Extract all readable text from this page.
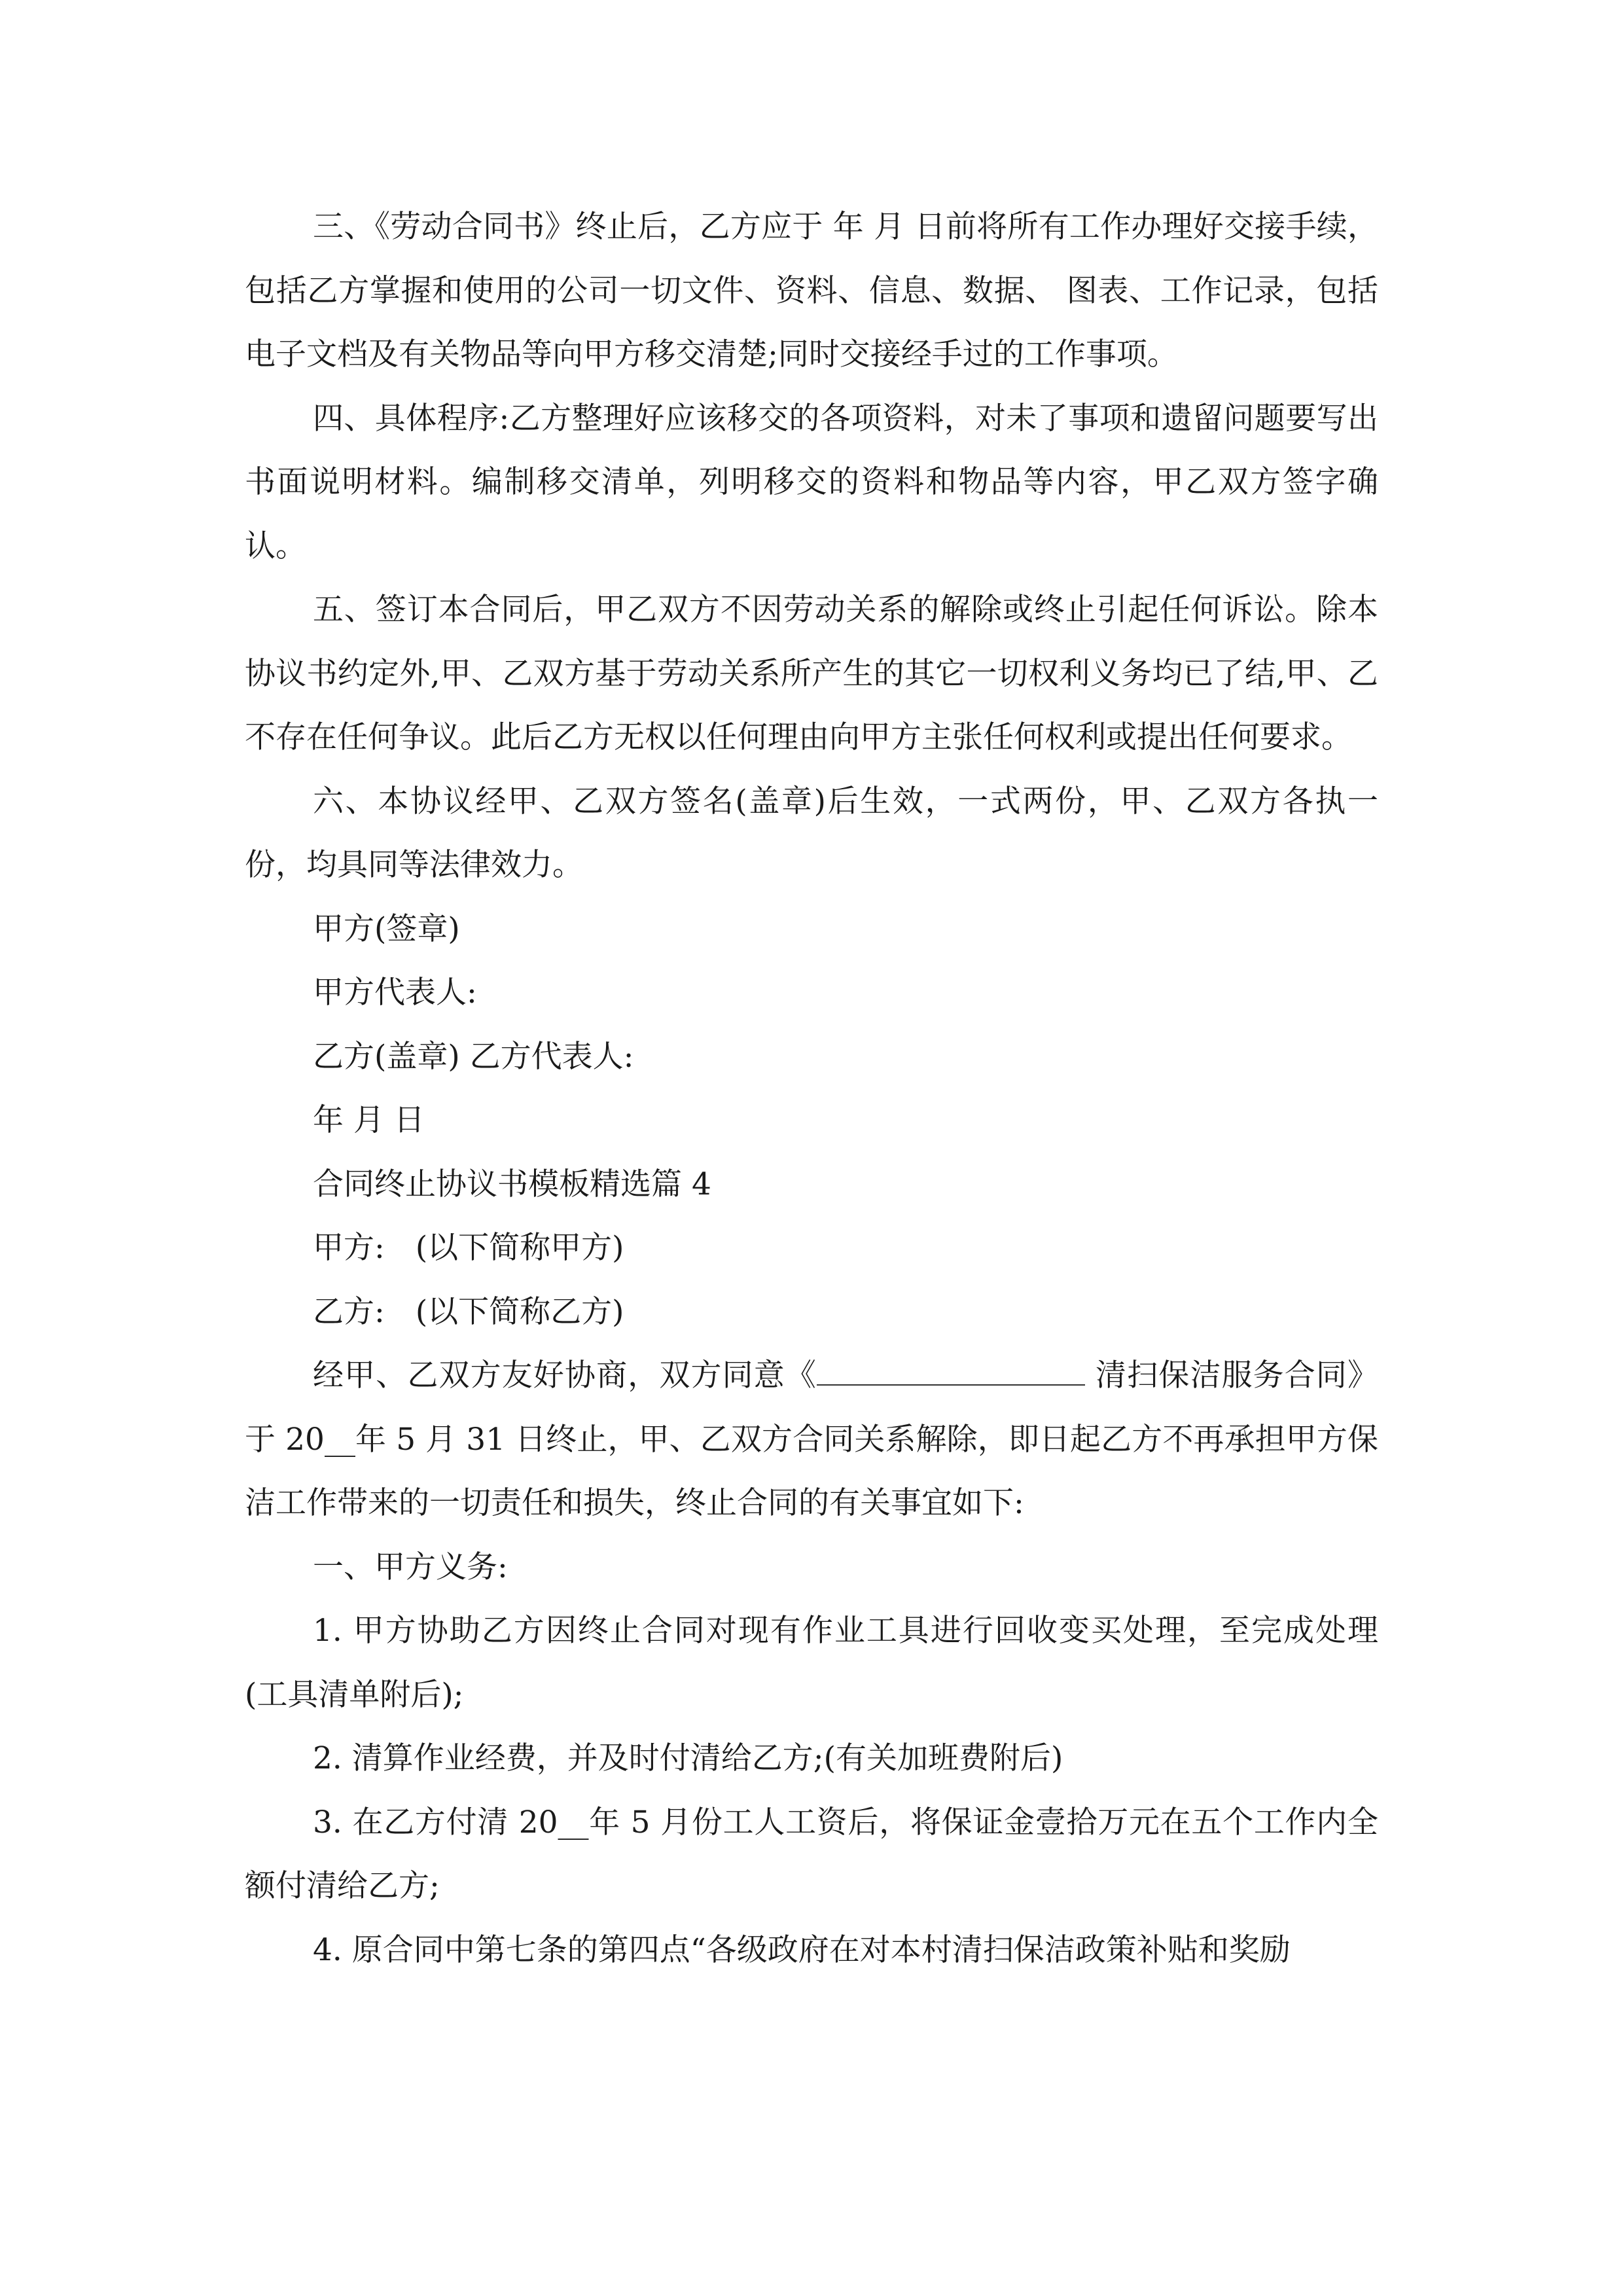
三、《劳动合同书》终止后，乙方应于 年 月 日前将所有工作办理好交接手续，包括乙方掌握和使用的公司一切文件、资料、信息、数据、 图表、工作记录，包括电子文档及有关物品等向甲方移交清楚;同时交接经手过的工作事项。

四、具体程序:乙方整理好应该移交的各项资料，对未了事项和遗留问题要写出书面说明材料。编制移交清单，列明移交的资料和物品等内容，甲乙双方签字确认。

五、签订本合同后，甲乙双方不因劳动关系的解除或终止引起任何诉讼。除本协议书约定外,甲、乙双方基于劳动关系所产生的其它一切权利义务均已了结,甲、乙不存在任何争议。此后乙方无权以任何理由向甲方主张任何权利或提出任何要求。

六、本协议经甲、乙双方签名(盖章)后生效，一式两份，甲、乙双方各执一份，均具同等法律效力。

甲方(签章)

甲方代表人:

乙方(盖章) 乙方代表人:

年 月 日

合同终止协议书模板精选篇 4

甲方:　(以下简称甲方)

乙方:　(以下简称乙方)

经甲、乙双方友好协商，双方同意《	清扫保洁服务合同》于 20__年 5 月 31 日终止，甲、乙双方合同关系解除，即日起乙方不再承担甲方保洁工作带来的一切责任和损失，终止合同的有关事宜如下:

一、甲方义务:

1. 甲方协助乙方因终止合同对现有作业工具进行回收变买处理，至完成处理(工具清单附后);

2. 清算作业经费，并及时付清给乙方;(有关加班费附后)

3. 在乙方付清 20__年 5 月份工人工资后，将保证金壹拾万元在五个工作内全额付清给乙方;

4. 原合同中第七条的第四点“各级政府在对本村清扫保洁政策补贴和奖励
